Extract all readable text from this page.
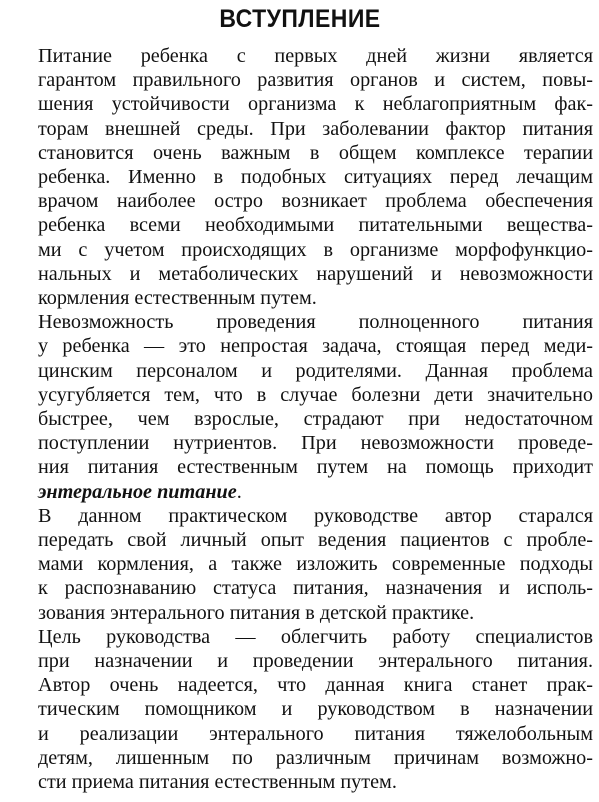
ВСТУПЛЕНИЕ
Питание ребенка с первых дней жизни является
гарантом правильного развития органов и систем, повы-
шения устойчивости организма к неблагоприятным фак-
торам внешней среды. При заболевании фактор питания
становится очень важным в общем комплексе терапии
ребенка. Именно в подобных ситуациях перед лечащим
врачом наиболее остро возникает проблема обеспечения
ребенка всеми необходимыми питательными вещества-
ми с учетом происходящих в организме морфофункцио-
нальных и метаболических нарушений и невозможности
кормления естественным путем.
Невозможность проведения полноценного питания
у ребенка — это непростая задача, стоящая перед меди-
цинским персоналом и родителями. Данная проблема
усугубляется тем, что в случае болезни дети значительно
быстрее, чем взрослые, страдают при недостаточном
поступлении нутриентов. При невозможности проведе-
ния питания естественным путем на помощь приходит
энтеральное питание.
В данном практическом руководстве автор старался
передать свой личный опыт ведения пациентов с пробле-
мами кормления, а также изложить современные подходы
к распознаванию статуса питания, назначения и исполь-
зования энтерального питания в детской практике.
Цель руководства — облегчить работу специалистов
при назначении и проведении энтерального питания.
Автор очень надеется, что данная книга станет прак-
тическим помощником и руководством в назначении
и реализации энтерального питания тяжелобольным
детям, лишенным по различным причинам возможно-
сти приема питания естественным путем.
